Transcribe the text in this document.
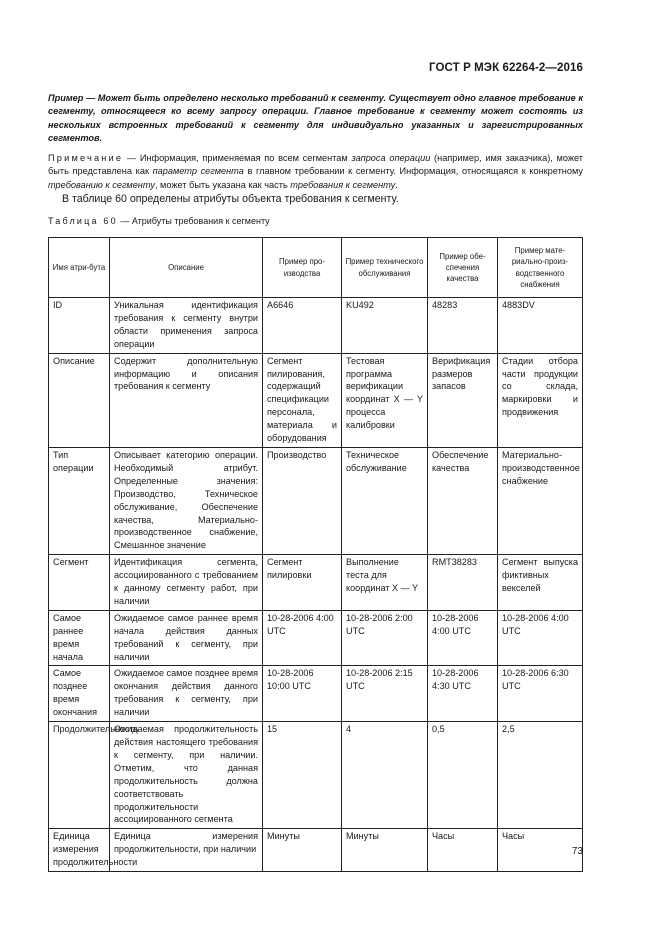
ГОСТ Р МЭК 62264-2—2016
Пример — Может быть определено несколько требований к сегменту. Существует одно главное требование к сегменту, относящееся ко всему запросу операции. Главное требование к сегменту может состоять из нескольких встроенных требований к сегменту для индивидуально указанных и зарегистрированных сегментов.
Примечание — Информация, применяемая по всем сегментам запроса операции (например, имя заказчика), может быть представлена как параметр сегмента в главном требовании к сегменту. Информация, относящаяся к конкретному требованию к сегменту, может быть указана как часть требования к сегменту.
В таблице 60 определены атрибуты объекта требования к сегменту.
Таблица 60 — Атрибуты требования к сегменту
Имя атри-бута	Описание	Пример про-изводства	Пример технического обслуживания	Пример обе-спечения качества	Пример мате-риально-произ-водственного снабжения
ID	Уникальная идентификация требования к сегменту внутри области применения запроса операции	A6646	KU492	48283	4883DV
Описание	Содержит дополнительную информацию и описания требования к сегменту	Сегмент пилирования, содержащий спецификации персонала, материала и оборудования	Тестовая программа верификации координат X — Y процесса калибровки	Верификация размеров запасов	Стадии отбора части продукции со склада, маркировки и продвижения
Тип операции	Описывает категорию операции. Необходимый атрибут. Определенные значения: Производство, Техническое обслуживание, Обеспечение качества, Материально-производственное снабжение, Смешанное значение	Производство	Техническое обслуживание	Обеспечение качества	Материально-производственное снабжение
Сегмент	Идентификация сегмента, ассоциированного с требованием к данному сегменту работ, при наличии	Сегмент пилировки	Выполнение теста для координат X — Y	RMT38283	Сегмент выпуска фиктивных векселей
Самое раннее время начала	Ожидаемое самое раннее время начала действия данных требований к сегменту, при наличии	10-28-2006 4:00 UTC	10-28-2006 2:00 UTC	10-28-2006 4:00 UTC	10-28-2006 4:00 UTC
Самое позднее время окончания	Ожидаемое самое позднее время окончания действия данного требования к сегменту, при наличии	10-28-2006 10:00 UTC	10-28-2006 2:15 UTC	10-28-2006 4:30 UTC	10-28-2006 6:30 UTC
Продолжительность	Ожидаемая продолжительность действия настоящего требования к сегменту, при наличии. Отметим, что данная продолжительность должна соответствовать продолжительности ассоциированного сегмента	15	4	0,5	2,5
Единица измерения продолжительности	Единица измерения продолжительности, при наличии	Минуты	Минуты	Часы	Часы
73
